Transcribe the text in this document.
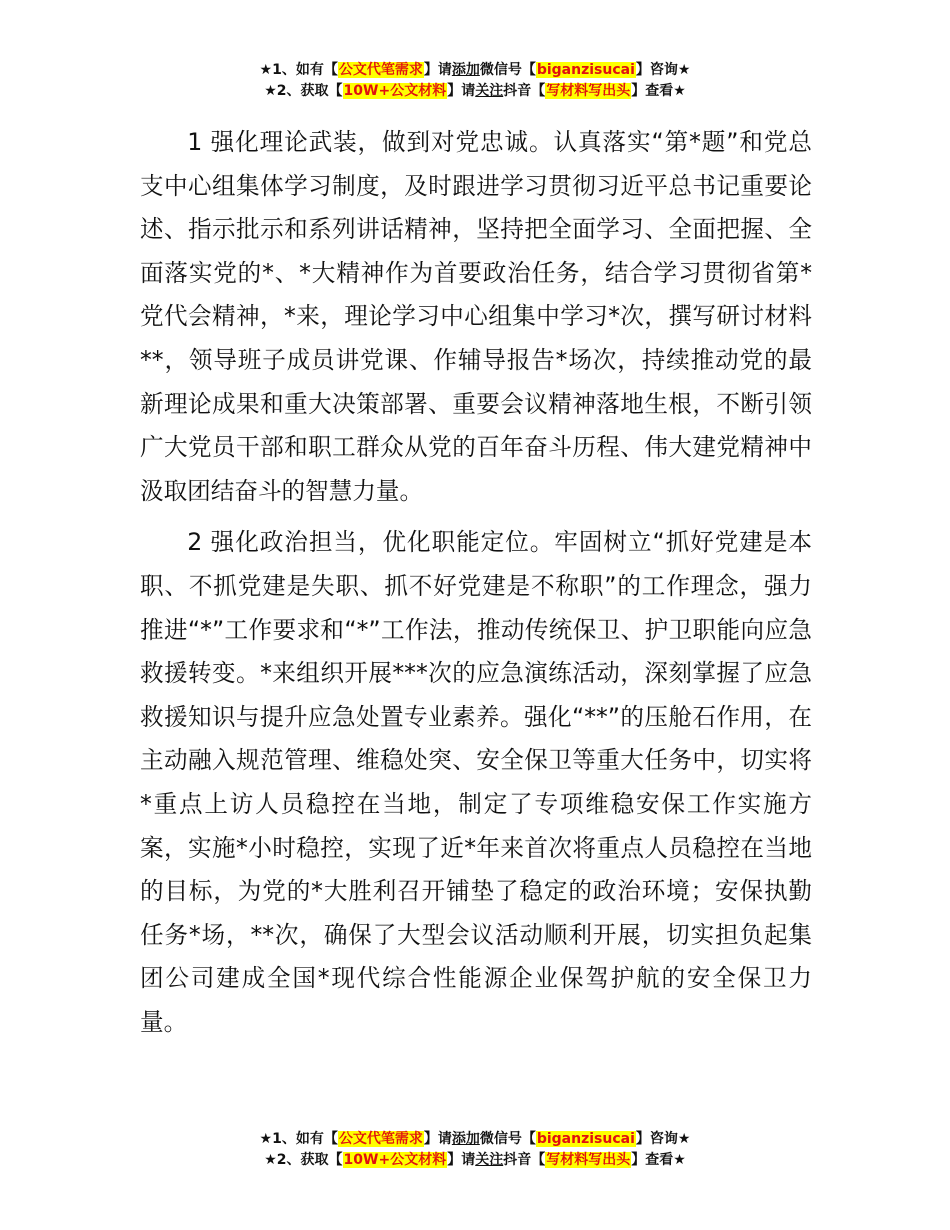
★1、如有【公文代笔需求】请添加微信号【biganzisucai】咨询★
★2、获取【10W+公文材料】请关注抖音【写材料写出头】查看★

1 强化理论武装，做到对党忠诚。认真落实“第*题”和党总支中心组集体学习制度，及时跟进学习贯彻习近平总书记重要论述、指示批示和系列讲话精神，坚持把全面学习、全面把握、全面落实党的*、*大精神作为首要政治任务，结合学习贯彻省第*党代会精神，*来，理论学习中心组集中学习*次，撰写研讨材料**，领导班子成员讲党课、作辅导报告*场次，持续推动党的最新理论成果和重大决策部署、重要会议精神落地生根，不断引领广大党员干部和职工群众从党的百年奋斗历程、伟大建党精神中汲取团结奋斗的智慧力量。

2 强化政治担当，优化职能定位。牢固树立“抓好党建是本职、不抓党建是失职、抓不好党建是不称职”的工作理念，强力推进“*”工作要求和“*”工作法，推动传统保卫、护卫职能向应急救援转变。*来组织开展***次的应急演练活动，深刻掌握了应急救援知识与提升应急处置专业素养。强化“**”的压舱石作用，在主动融入规范管理、维稳处突、安全保卫等重大任务中，切实将*重点上访人员稳控在当地，制定了专项维稳安保工作实施方案，实施*小时稳控，实现了近*年来首次将重点人员稳控在当地的目标，为党的*大胜利召开铺垫了稳定的政治环境；安保执勤任务*场，**次，确保了大型会议活动顺利开展，切实担负起集团公司建成全国*现代综合性能源企业保驾护航的安全保卫力量。

★1、如有【公文代笔需求】请添加微信号【biganzisucai】咨询★
★2、获取【10W+公文材料】请关注抖音【写材料写出头】查看★
